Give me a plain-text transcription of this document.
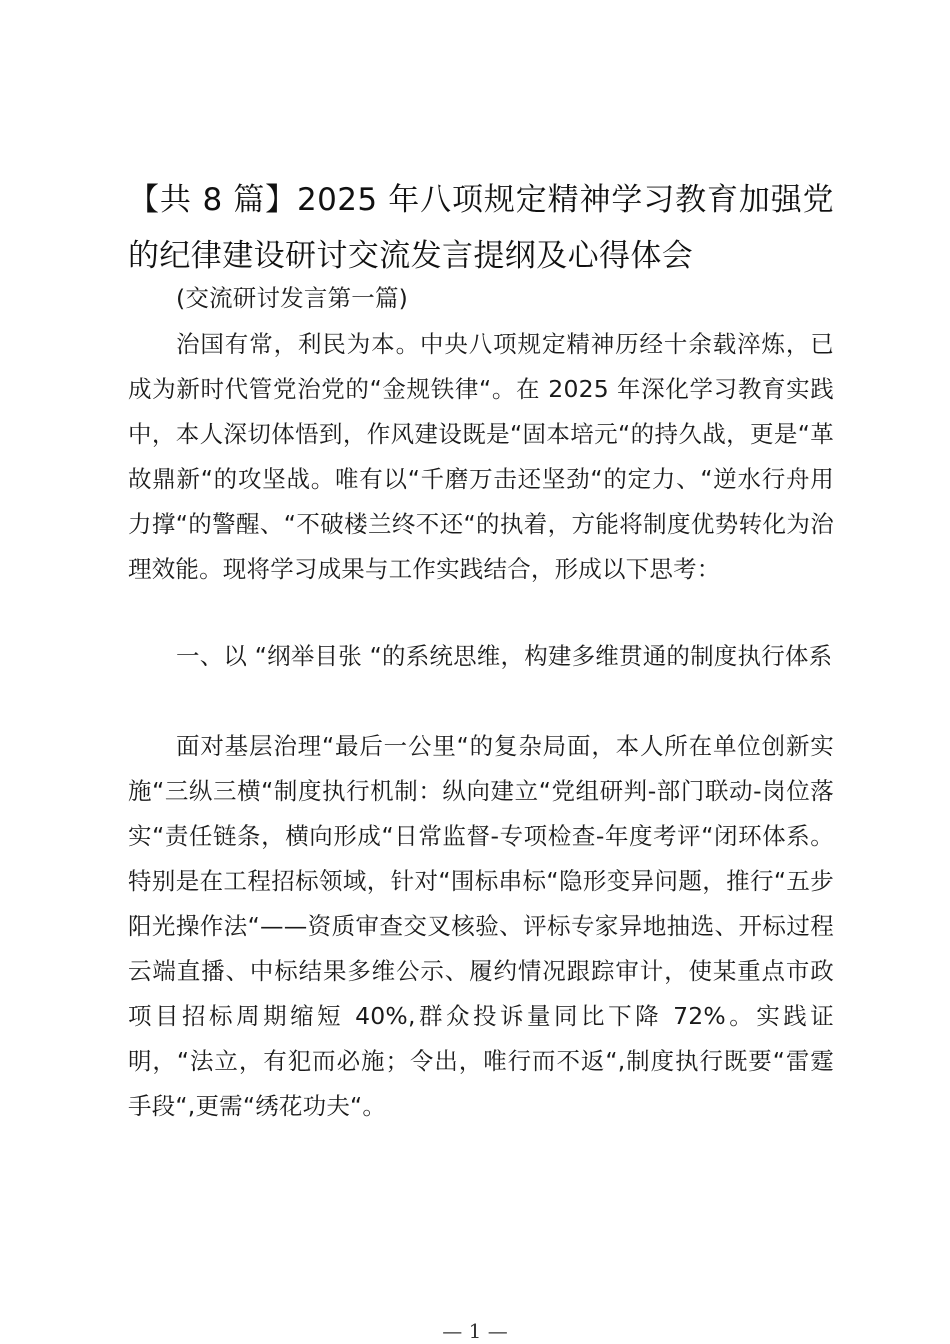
【共 8 篇】2025 年八项规定精神学习教育加强党的纪律建设研讨交流发言提纲及心得体会

(交流研讨发言第一篇)

治国有常，利民为本。中央八项规定精神历经十余载淬炼，已成为新时代管党治党的“金规铁律“。在 2025 年深化学习教育实践中，本人深切体悟到，作风建设既是“固本培元“的持久战，更是“革故鼎新“的攻坚战。唯有以“千磨万击还坚劲“的定力、“逆水行舟用力撑“的警醒、“不破楼兰终不还“的执着，方能将制度优势转化为治理效能。现将学习成果与工作实践结合，形成以下思考：

一、以 “纲举目张 “的系统思维，构建多维贯通的制度执行体系

面对基层治理“最后一公里“的复杂局面，本人所在单位创新实施“三纵三横“制度执行机制：纵向建立“党组研判-部门联动-岗位落实“责任链条，横向形成“日常监督-专项检查-年度考评“闭环体系。特别是在工程招标领域，针对“围标串标“隐形变异问题，推行“五步阳光操作法“——资质审查交叉核验、评标专家异地抽选、开标过程云端直播、中标结果多维公示、履约情况跟踪审计，使某重点市政项目招标周期缩短 40%,群众投诉量同比下降 72%。实践证明，“法立，有犯而必施；令出，唯行而不返“,制度执行既要“雷霆手段“,更需“绣花功夫“。

— 1 —
